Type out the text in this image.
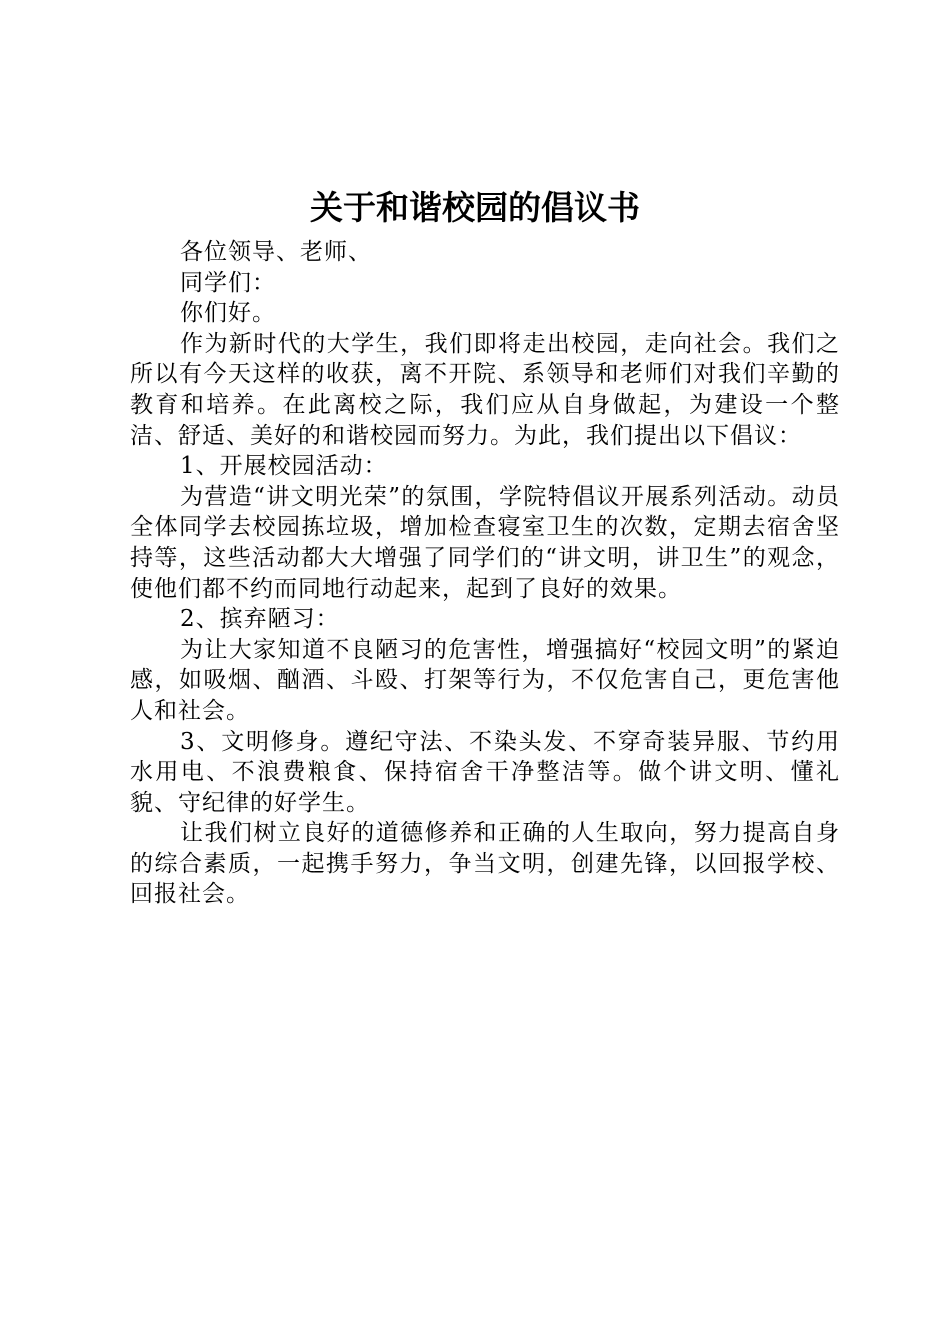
关于和谐校园的倡议书

各位领导、老师、

同学们：

你们好。

作为新时代的大学生，我们即将走出校园，走向社会。我们之所以有今天这样的收获，离不开院、系领导和老师们对我们辛勤的教育和培养。在此离校之际，我们应从自身做起，为建设一个整洁、舒适、美好的和谐校园而努力。为此，我们提出以下倡议：

1、开展校园活动：

为营造“讲文明光荣”的氛围，学院特倡议开展系列活动。动员全体同学去校园拣垃圾，增加检查寝室卫生的次数，定期去宿舍坚持等，这些活动都大大增强了同学们的“讲文明，讲卫生”的观念，使他们都不约而同地行动起来，起到了良好的效果。

2、摈弃陋习：

为让大家知道不良陋习的危害性，增强搞好“校园文明”的紧迫感，如吸烟、酗酒、斗殴、打架等行为，不仅危害自己，更危害他人和社会。

3、文明修身。遵纪守法、不染头发、不穿奇装异服、节约用水用电、不浪费粮食、保持宿舍干净整洁等。做个讲文明、懂礼貌、守纪律的好学生。

让我们树立良好的道德修养和正确的人生取向，努力提高自身的综合素质，一起携手努力，争当文明，创建先锋，以回报学校、回报社会。
